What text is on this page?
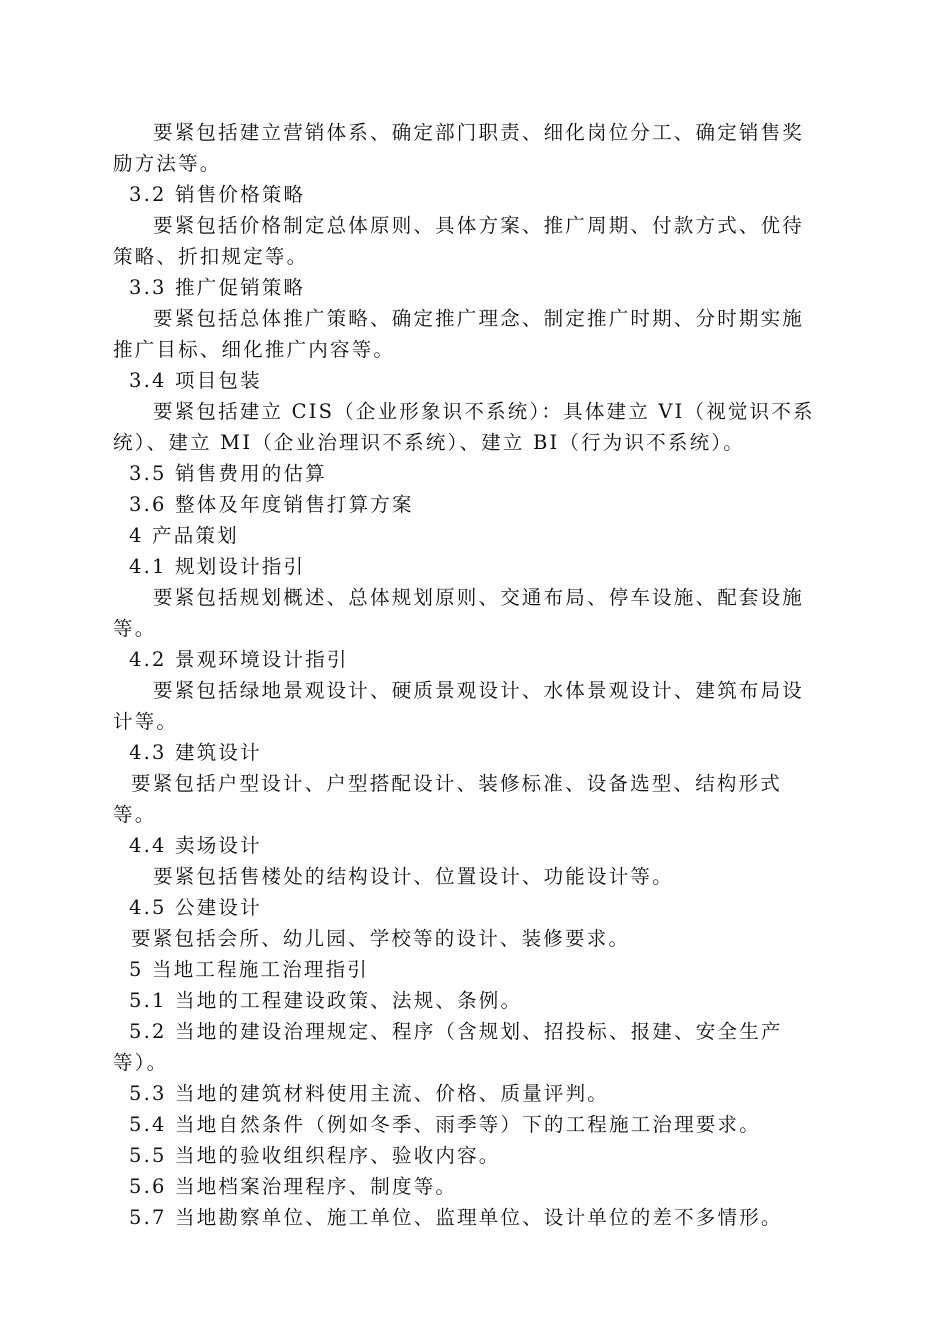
要紧包括建立营销体系、确定部门职责、细化岗位分工、确定销售奖
励方法等。
3.2 销售价格策略
要紧包括价格制定总体原则、具体方案、推广周期、付款方式、优待
策略、折扣规定等。
3.3 推广促销策略
要紧包括总体推广策略、确定推广理念、制定推广时期、分时期实施
推广目标、细化推广内容等。
3.4 项目包装
要紧包括建立 CIS（企业形象识不系统）：具体建立 VI（视觉识不系
统）、建立 MI（企业治理识不系统）、建立 BI（行为识不系统）。
3.5 销售费用的估算
3.6 整体及年度销售打算方案
4 产品策划
4.1 规划设计指引
要紧包括规划概述、总体规划原则、交通布局、停车设施、配套设施
等。
4.2 景观环境设计指引
要紧包括绿地景观设计、硬质景观设计、水体景观设计、建筑布局设
计等。
4.3 建筑设计
要紧包括户型设计、户型搭配设计、装修标准、设备选型、结构形式
等。
4.4 卖场设计
要紧包括售楼处的结构设计、位置设计、功能设计等。
4.5 公建设计
要紧包括会所、幼儿园、学校等的设计、装修要求。
5 当地工程施工治理指引
5.1 当地的工程建设政策、法规、条例。
5.2 当地的建设治理规定、程序（含规划、招投标、报建、安全生产
等）。
5.3 当地的建筑材料使用主流、价格、质量评判。
5.4 当地自然条件（例如冬季、雨季等）下的工程施工治理要求。
5.5 当地的验收组织程序、验收内容。
5.6 当地档案治理程序、制度等。
5.7 当地勘察单位、施工单位、监理单位、设计单位的差不多情形。
